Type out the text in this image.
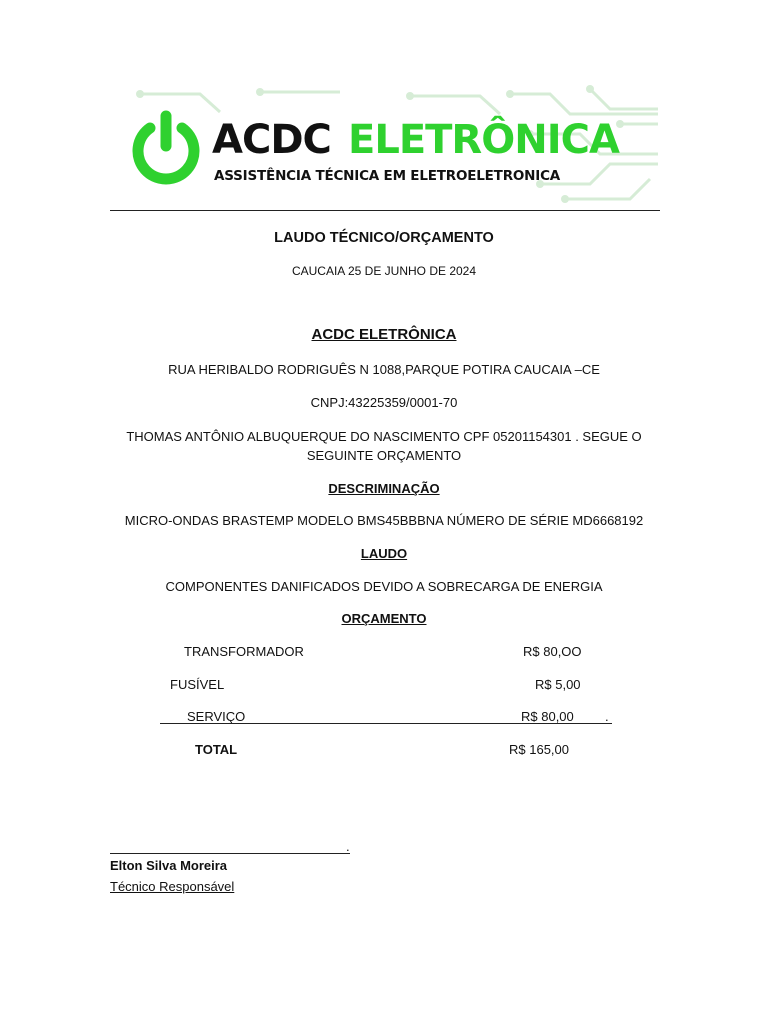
ACDC ELETRÔNICA
ASSISTÊNCIA TÉCNICA EM ELETROELETRONICA
LAUDO TÉCNICO/ORÇAMENTO
CAUCAIA 25 DE JUNHO DE 2024
ACDC ELETRÔNICA
RUA HERIBALDO RODRIGUÊS N 1088,PARQUE POTIRA CAUCAIA –CE
CNPJ:43225359/0001-70
THOMAS ANTÔNIO ALBUQUERQUE DO NASCIMENTO CPF 05201154301 . SEGUE O SEGUINTE ORÇAMENTO
DESCRIMINAÇÃO
MICRO-ONDAS BRASTEMP MODELO BMS45BBBNA NÚMERO DE SÉRIE MD6668192
LAUDO
COMPONENTES DANIFICADOS DEVIDO A SOBRECARGA DE ENERGIA
ORÇAMENTO
TRANSFORMADOR	R$ 80,OO
FUSÍVEL	R$ 5,00
SERVIÇO	R$ 80,00 .
TOTAL	R$ 165,00
.
Elton Silva Moreira
Técnico Responsável
